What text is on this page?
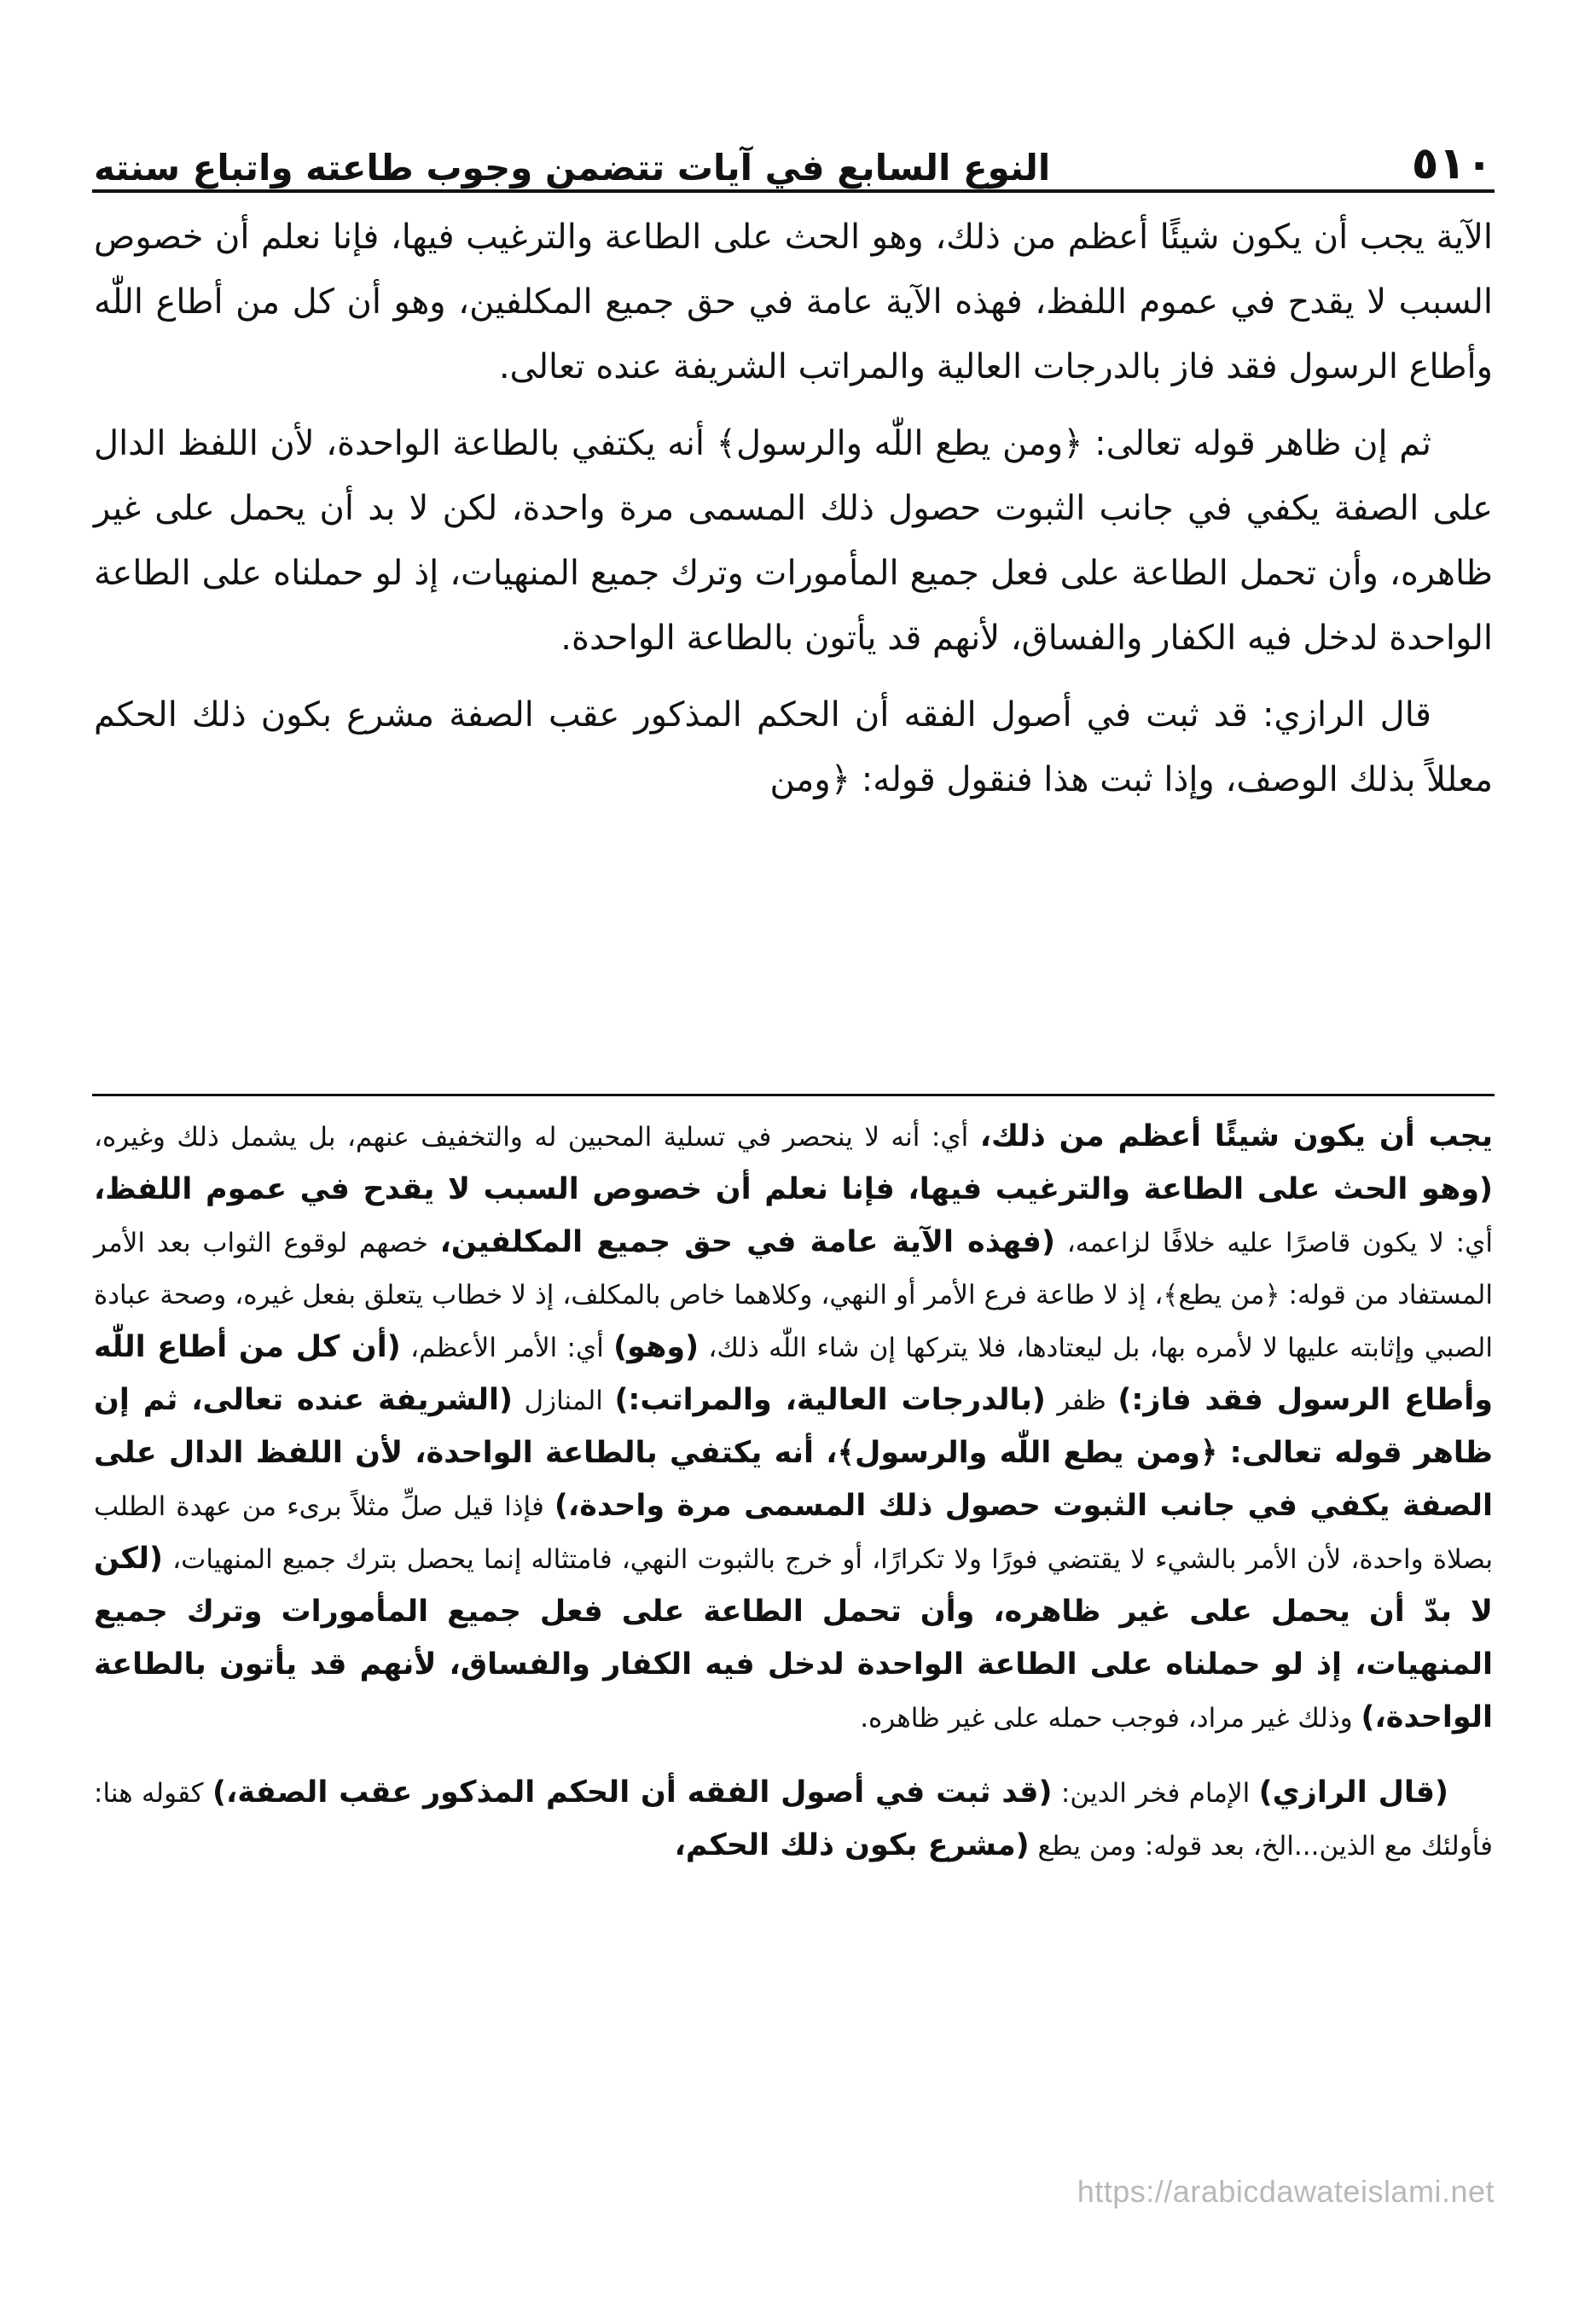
٥١٠
النوع السابع في آيات تتضمن وجوب طاعته واتباع سنته

الآية يجب أن يكون شيئًا أعظم من ذلك، وهو الحث على الطاعة والترغيب فيها، فإنا نعلم أن خصوص السبب لا يقدح في عموم اللفظ، فهذه الآية عامة في حق جميع المكلفين، وهو أن كل من أطاع اللّٰه وأطاع الرسول فقد فاز بالدرجات العالية والمراتب الشريفة عنده تعالى.

ثم إن ظاهر قوله تعالى: ﴿ومن يطع اللّٰه والرسول﴾ أنه يكتفي بالطاعة الواحدة، لأن اللفظ الدال على الصفة يكفي في جانب الثبوت حصول ذلك المسمى مرة واحدة، لكن لا بد أن يحمل على غير ظاهره، وأن تحمل الطاعة على فعل جميع المأمورات وترك جميع المنهيات، إذ لو حملناه على الطاعة الواحدة لدخل فيه الكفار والفساق، لأنهم قد يأتون بالطاعة الواحدة.

قال الرازي: قد ثبت في أصول الفقه أن الحكم المذكور عقب الصفة مشرع بكون ذلك الحكم معللاً بذلك الوصف، وإذا ثبت هذا فنقول قوله: ﴿ومن

يجب أن يكون شيئًا أعظم من ذلك، أي: أنه لا ينحصر في تسلية المحبين له والتخفيف عنهم، بل يشمل ذلك وغيره، (وهو الحث على الطاعة والترغيب فيها، فإنا نعلم أن خصوص السبب لا يقدح في عموم اللفظ، أي: لا يكون قاصرًا عليه خلافًا لزاعمه، (فهذه الآية عامة في حق جميع المكلفين، خصهم لوقوع الثواب بعد الأمر المستفاد من قوله: ﴿من يطع﴾، إذ لا طاعة فرع الأمر أو النهي، وكلاهما خاص بالمكلف، إذ لا خطاب يتعلق بفعل غيره، وصحة عبادة الصبي وإثابته عليها لا لأمره بها، بل ليعتادها، فلا يتركها إن شاء اللّٰه ذلك، (وهو) أي: الأمر الأعظم، (أن كل من أطاع اللّٰه وأطاع الرسول فقد فاز:) ظفر (بالدرجات العالية، والمراتب:) المنازل (الشريفة عنده تعالى، ثم إن ظاهر قوله تعالى: ﴿ومن يطع اللّٰه والرسول﴾، أنه يكتفي بالطاعة الواحدة، لأن اللفظ الدال على الصفة يكفي في جانب الثبوت حصول ذلك المسمى مرة واحدة،) فإذا قيل صلِّ مثلاً برىء من عهدة الطلب بصلاة واحدة، لأن الأمر بالشيء لا يقتضي فورًا ولا تكرارًا، أو خرج بالثبوت النهي، فامتثاله إنما يحصل بترك جميع المنهيات، (لكن لا بدّ أن يحمل على غير ظاهره، وأن تحمل الطاعة على فعل جميع المأمورات وترك جميع المنهيات، إذ لو حملناه على الطاعة الواحدة لدخل فيه الكفار والفساق، لأنهم قد يأتون بالطاعة الواحدة،) وذلك غير مراد، فوجب حمله على غير ظاهره.

(قال الرازي) الإمام فخر الدين: (قد ثبت في أصول الفقه أن الحكم المذكور عقب الصفة،) كقوله هنا: فأولئك مع الذين...الخ، بعد قوله: ومن يطع (مشرع بكون ذلك الحكم،

https://arabicdawateislami.net
